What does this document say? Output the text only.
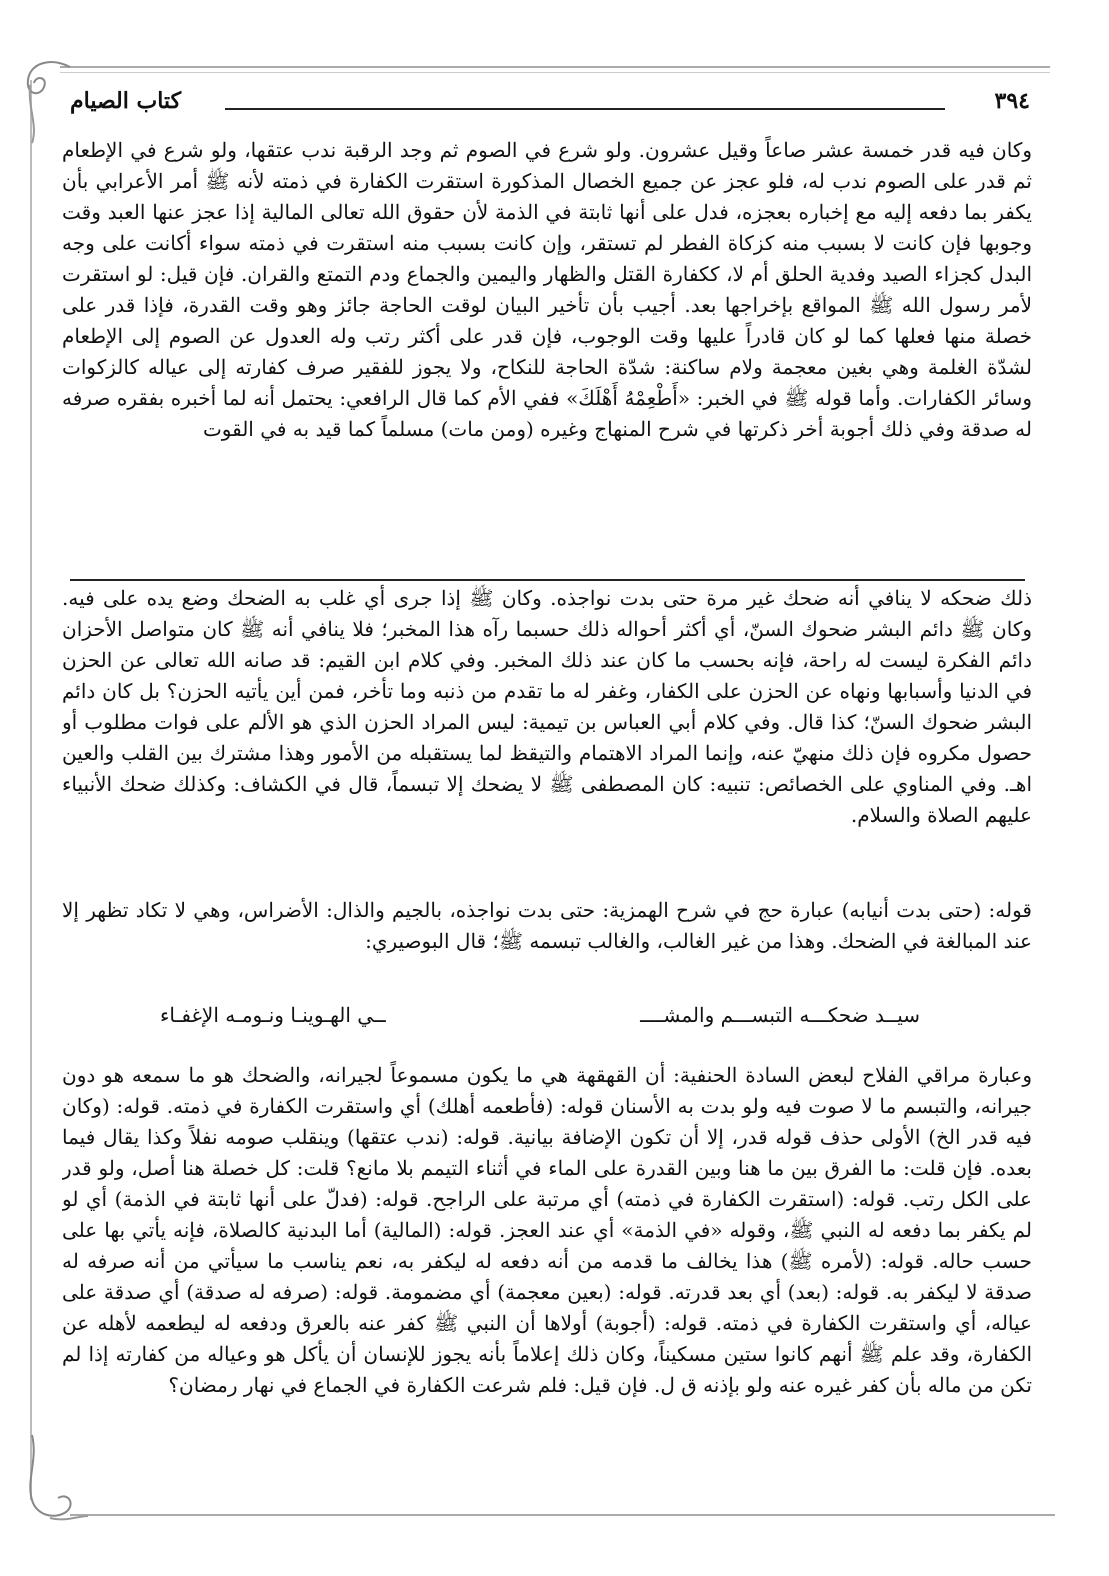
٣٩٤
كتاب الصيام

وكان فيه قدر خمسة عشر صاعاً وقيل عشرون. ولو شرع في الصوم ثم وجد الرقبة ندب عتقها، ولو شرع في الإطعام ثم قدر على الصوم ندب له، فلو عجز عن جميع الخصال المذكورة استقرت الكفارة في ذمته لأنه ﷺ أمر الأعرابي بأن يكفر بما دفعه إليه مع إخباره بعجزه، فدل على أنها ثابتة في الذمة لأن حقوق الله تعالى المالية إذا عجز عنها العبد وقت وجوبها فإن كانت لا بسبب منه كزكاة الفطر لم تستقر، وإن كانت بسبب منه استقرت في ذمته سواء أكانت على وجه البدل كجزاء الصيد وفدية الحلق أم لا، ككفارة القتل والظهار واليمين والجماع ودم التمتع والقران. فإن قيل: لو استقرت لأمر رسول الله ﷺ المواقع بإخراجها بعد. أجيب بأن تأخير البيان لوقت الحاجة جائز وهو وقت القدرة، فإذا قدر على خصلة منها فعلها كما لو كان قادراً عليها وقت الوجوب، فإن قدر على أكثر رتب وله العدول عن الصوم إلى الإطعام لشدّة الغلمة وهي بغين معجمة ولام ساكنة: شدّة الحاجة للنكاح، ولا يجوز للفقير صرف كفارته إلى عياله كالزكوات وسائر الكفارات. وأما قوله ﷺ في الخبر: «أَطْعِمْهُ أَهْلَكَ» ففي الأم كما قال الرافعي: يحتمل أنه لما أخبره بفقره صرفه له صدقة وفي ذلك أجوبة أخر ذكرتها في شرح المنهاج وغيره (ومن مات) مسلماً كما قيد به في القوت

ذلك ضحكه لا ينافي أنه ضحك غير مرة حتى بدت نواجذه. وكان ﷺ إذا جرى أي غلب به الضحك وضع يده على فيه. وكان ﷺ دائم البشر ضحوك السنّ، أي أكثر أحواله ذلك حسبما رآه هذا المخبر؛ فلا ينافي أنه ﷺ كان متواصل الأحزان دائم الفكرة ليست له راحة، فإنه بحسب ما كان عند ذلك المخبر. وفي كلام ابن القيم: قد صانه الله تعالى عن الحزن في الدنيا وأسبابها ونهاه عن الحزن على الكفار، وغفر له ما تقدم من ذنبه وما تأخر، فمن أين يأتيه الحزن؟ بل كان دائم البشر ضحوك السنّ؛ كذا قال. وفي كلام أبي العباس بن تيمية: ليس المراد الحزن الذي هو الألم على فوات مطلوب أو حصول مكروه فإن ذلك منهيّ عنه، وإنما المراد الاهتمام والتيقظ لما يستقبله من الأمور وهذا مشترك بين القلب والعين اهـ. وفي المناوي على الخصائص: تنبيه: كان المصطفى ﷺ لا يضحك إلا تبسماً، قال في الكشاف: وكذلك ضحك الأنبياء عليهم الصلاة والسلام.

قوله: (حتى بدت أنيابه) عبارة حج في شرح الهمزية: حتى بدت نواجذه، بالجيم والذال: الأضراس، وهي لا تكاد تظهر إلا عند المبالغة في الضحك. وهذا من غير الغالب، والغالب تبسمه ﷺ؛ قال البوصيري:

سيــد ضحكـــه التبســـم والمشــــ
ــي الهـوينـا ونـومـه الإغفـاء

وعبارة مراقي الفلاح لبعض السادة الحنفية: أن القهقهة هي ما يكون مسموعاً لجيرانه، والضحك هو ما سمعه هو دون جيرانه، والتبسم ما لا صوت فيه ولو بدت به الأسنان قوله: (فأطعمه أهلك) أي واستقرت الكفارة في ذمته. قوله: (وكان فيه قدر الخ) الأولى حذف قوله قدر، إلا أن تكون الإضافة بيانية. قوله: (ندب عتقها) وينقلب صومه نفلاً وكذا يقال فيما بعده. فإن قلت: ما الفرق بين ما هنا وبين القدرة على الماء في أثناء التيمم بلا مانع؟ قلت: كل خصلة هنا أصل، ولو قدر على الكل رتب. قوله: (استقرت الكفارة في ذمته) أي مرتبة على الراجح. قوله: (فدلّ على أنها ثابتة في الذمة) أي لو لم يكفر بما دفعه له النبي ﷺ، وقوله «في الذمة» أي عند العجز. قوله: (المالية) أما البدنية كالصلاة، فإنه يأتي بها على حسب حاله. قوله: (لأمره ﷺ) هذا يخالف ما قدمه من أنه دفعه له ليكفر به، نعم يناسب ما سيأتي من أنه صرفه له صدقة لا ليكفر به. قوله: (بعد) أي بعد قدرته. قوله: (بعين معجمة) أي مضمومة. قوله: (صرفه له صدقة) أي صدقة على عياله، أي واستقرت الكفارة في ذمته. قوله: (أجوبة) أولاها أن النبي ﷺ كفر عنه بالعرق ودفعه له ليطعمه لأهله عن الكفارة، وقد علم ﷺ أنهم كانوا ستين مسكيناً، وكان ذلك إعلاماً بأنه يجوز للإنسان أن يأكل هو وعياله من كفارته إذا لم تكن من ماله بأن كفر غيره عنه ولو بإذنه ق ل. فإن قيل: فلم شرعت الكفارة في الجماع في نهار رمضان؟
